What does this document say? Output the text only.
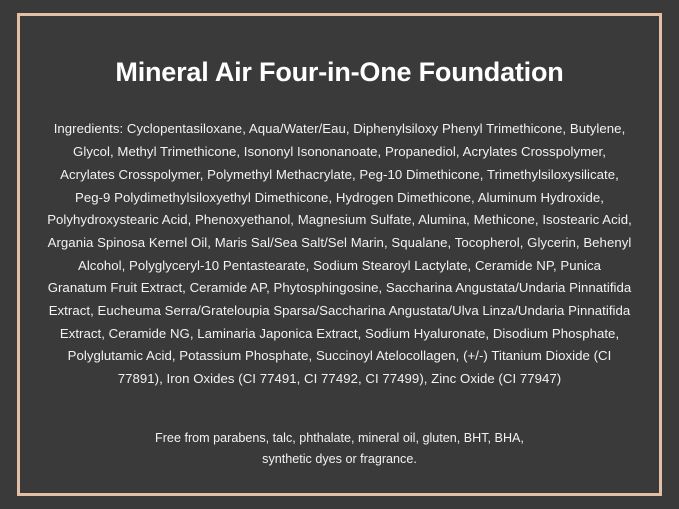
Mineral Air Four-in-One Foundation

Ingredients: Cyclopentasiloxane, Aqua/Water/Eau, Diphenylsiloxy Phenyl Trimethicone, Butylene, Glycol, Methyl Trimethicone, Isononyl Isononanoate, Propanediol, Acrylates Crosspolymer, Acrylates Crosspolymer, Polymethyl Methacrylate, Peg-10 Dimethicone, Trimethylsiloxysilicate, Peg-9 Polydimethylsiloxyethyl Dimethicone, Hydrogen Dimethicone, Aluminum Hydroxide, Polyhydroxystearic Acid, Phenoxyethanol, Magnesium Sulfate, Alumina, Methicone, Isostearic Acid, Argania Spinosa Kernel Oil, Maris Sal/Sea Salt/Sel Marin, Squalane, Tocopherol, Glycerin, Behenyl Alcohol, Polyglyceryl-10 Pentastearate, Sodium Stearoyl Lactylate, Ceramide NP, Punica Granatum Fruit Extract, Ceramide AP, Phytosphingosine, Saccharina Angustata/Undaria Pinnatifida Extract, Eucheuma Serra/Grateloupia Sparsa/Saccharina Angustata/Ulva Linza/Undaria Pinnatifida Extract, Ceramide NG, Laminaria Japonica Extract, Sodium Hyaluronate, Disodium Phosphate, Polyglutamic Acid, Potassium Phosphate, Succinoyl Atelocollagen, (+/-) Titanium Dioxide (CI 77891), Iron Oxides (CI 77491, CI 77492, CI 77499), Zinc Oxide (CI 77947)

Free from parabens, talc, phthalate, mineral oil, gluten, BHT, BHA,
synthetic dyes or fragrance.
